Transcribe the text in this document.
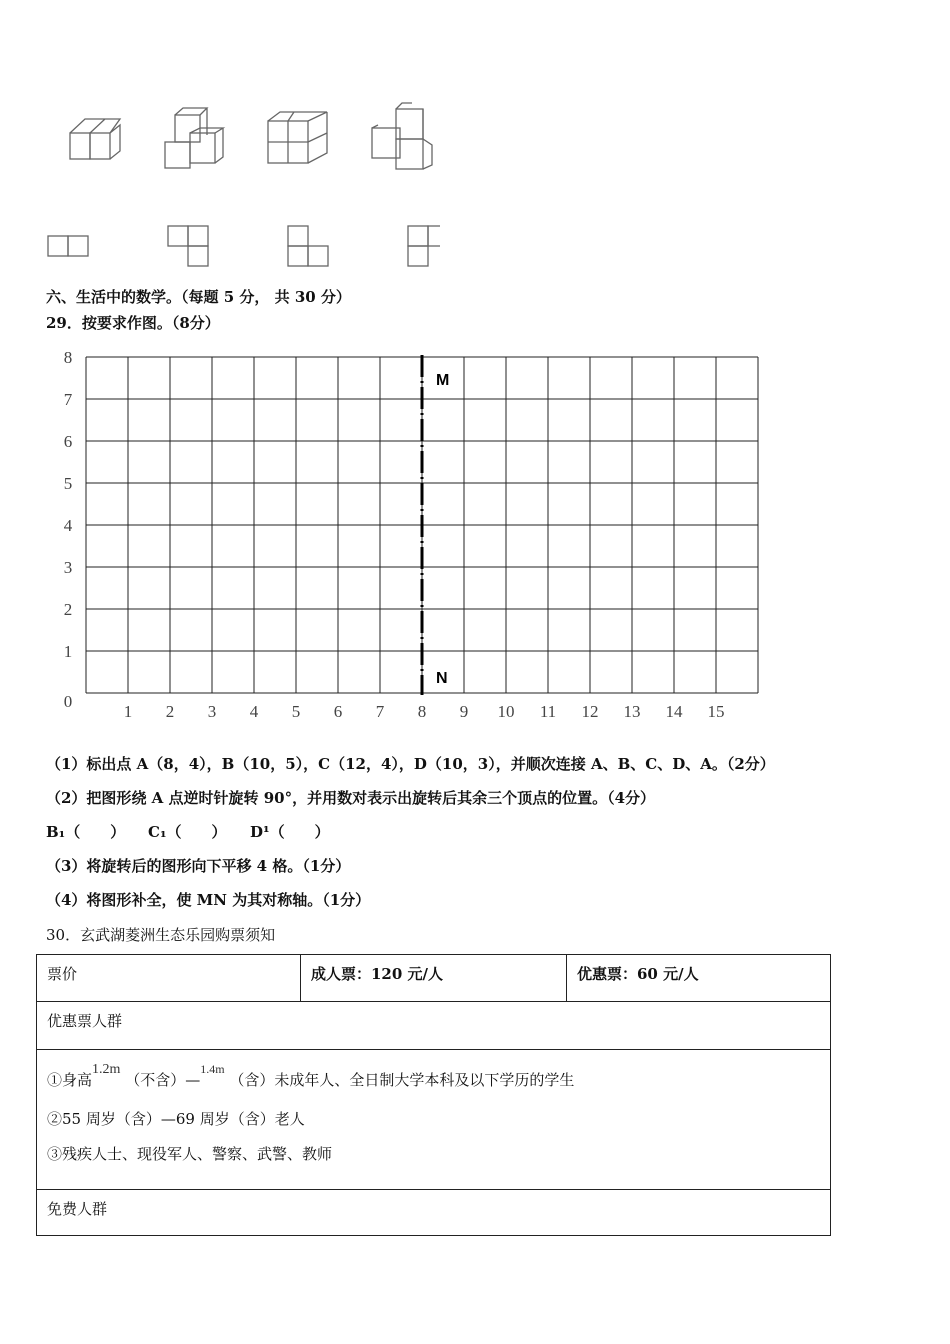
六、生活中的数学。（每题 5 分， 共 30 分）
29．按要求作图。（8分）
1 2 3 4 5 6 7 8 9 10 11 12 13 14 15
0
1
2
3
4
5
6
7
8
M
N
（1）标出点 A（8，4），B（10，5），C（12，4），D（10，3），并顺次连接 A、B、C、D、A。（2分）
（2）把图形绕 A 点逆时针旋转 90°，并用数对表示出旋转后其余三个顶点的位置。（4分）
B₁（　　） C₁（　　） D¹（　　）
（3）将旋转后的图形向下平移 4 格。（1分）
（4）将图形补全，使 MN 为其对称轴。（1分）
30．玄武湖菱洲生态乐园购票须知
票价	成人票：120 元/人	优惠票：60 元/人
优惠票人群

①身高$^{1.2m}$ （不含）—$^{1.4m}$ （含）未成年人、全日制大学本科及以下学历的学生
②55 周岁（含）—69 周岁（含）老人
③残疾人士、现役军人、警察、武警、教师

免费人群
